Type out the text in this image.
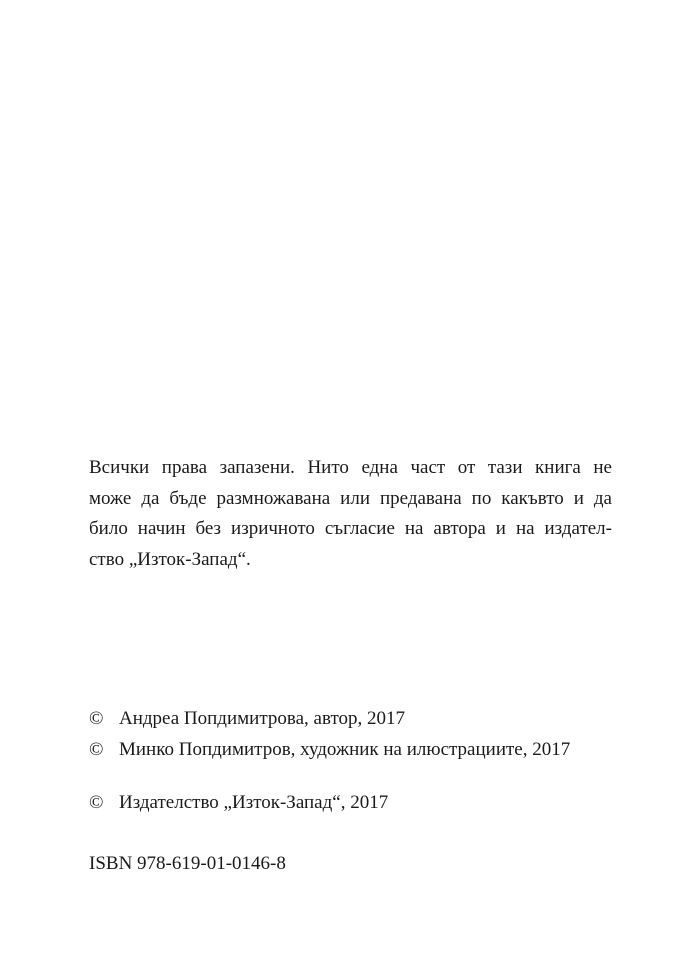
Всички права запазени. Нито една част от тази книга не
може да бъде размножавана или предавана по какъвто и да
било начин без изричното съгласие на автора и на издател-
ство „Изток-Запад“.

© Андреа Попдимитрова, автор, 2017
© Минко Попдимитров, художник на илюстрациите, 2017
© Издателство „Изток-Запад“, 2017

ISBN 978-619-01-0146-8
